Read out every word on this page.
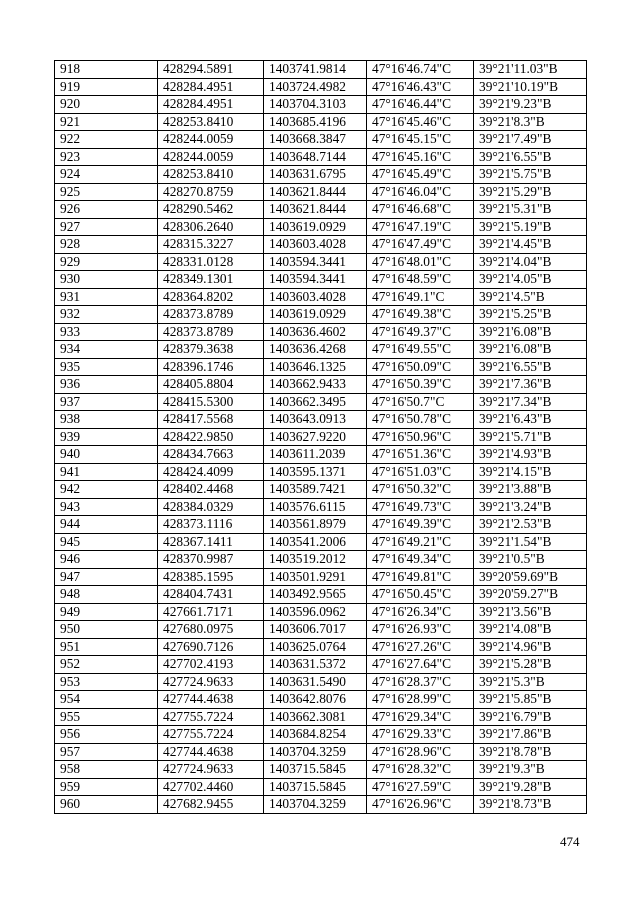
918	428294.5891	1403741.9814	47°16'46.74"С	39°21'11.03"В
919	428284.4951	1403724.4982	47°16'46.43"С	39°21'10.19"В
920	428284.4951	1403704.3103	47°16'46.44"С	39°21'9.23"В
921	428253.8410	1403685.4196	47°16'45.46"С	39°21'8.3"В
922	428244.0059	1403668.3847	47°16'45.15"С	39°21'7.49"В
923	428244.0059	1403648.7144	47°16'45.16"С	39°21'6.55"В
924	428253.8410	1403631.6795	47°16'45.49"С	39°21'5.75"В
925	428270.8759	1403621.8444	47°16'46.04"С	39°21'5.29"В
926	428290.5462	1403621.8444	47°16'46.68"С	39°21'5.31"В
927	428306.2640	1403619.0929	47°16'47.19"С	39°21'5.19"В
928	428315.3227	1403603.4028	47°16'47.49"С	39°21'4.45"В
929	428331.0128	1403594.3441	47°16'48.01"С	39°21'4.04"В
930	428349.1301	1403594.3441	47°16'48.59"С	39°21'4.05"В
931	428364.8202	1403603.4028	47°16'49.1"С	39°21'4.5"В
932	428373.8789	1403619.0929	47°16'49.38"С	39°21'5.25"В
933	428373.8789	1403636.4602	47°16'49.37"С	39°21'6.08"В
934	428379.3638	1403636.4268	47°16'49.55"С	39°21'6.08"В
935	428396.1746	1403646.1325	47°16'50.09"С	39°21'6.55"В
936	428405.8804	1403662.9433	47°16'50.39"С	39°21'7.36"В
937	428415.5300	1403662.3495	47°16'50.7"С	39°21'7.34"В
938	428417.5568	1403643.0913	47°16'50.78"С	39°21'6.43"В
939	428422.9850	1403627.9220	47°16'50.96"С	39°21'5.71"В
940	428434.7663	1403611.2039	47°16'51.36"С	39°21'4.93"В
941	428424.4099	1403595.1371	47°16'51.03"С	39°21'4.15"В
942	428402.4468	1403589.7421	47°16'50.32"С	39°21'3.88"В
943	428384.0329	1403576.6115	47°16'49.73"С	39°21'3.24"В
944	428373.1116	1403561.8979	47°16'49.39"С	39°21'2.53"В
945	428367.1411	1403541.2006	47°16'49.21"С	39°21'1.54"В
946	428370.9987	1403519.2012	47°16'49.34"С	39°21'0.5"В
947	428385.1595	1403501.9291	47°16'49.81"С	39°20'59.69"В
948	428404.7431	1403492.9565	47°16'50.45"С	39°20'59.27"В
949	427661.7171	1403596.0962	47°16'26.34"С	39°21'3.56"В
950	427680.0975	1403606.7017	47°16'26.93"С	39°21'4.08"В
951	427690.7126	1403625.0764	47°16'27.26"С	39°21'4.96"В
952	427702.4193	1403631.5372	47°16'27.64"С	39°21'5.28"В
953	427724.9633	1403631.5490	47°16'28.37"С	39°21'5.3"В
954	427744.4638	1403642.8076	47°16'28.99"С	39°21'5.85"В
955	427755.7224	1403662.3081	47°16'29.34"С	39°21'6.79"В
956	427755.7224	1403684.8254	47°16'29.33"С	39°21'7.86"В
957	427744.4638	1403704.3259	47°16'28.96"С	39°21'8.78"В
958	427724.9633	1403715.5845	47°16'28.32"С	39°21'9.3"В
959	427702.4460	1403715.5845	47°16'27.59"С	39°21'9.28"В
960	427682.9455	1403704.3259	47°16'26.96"С	39°21'8.73"В
474
